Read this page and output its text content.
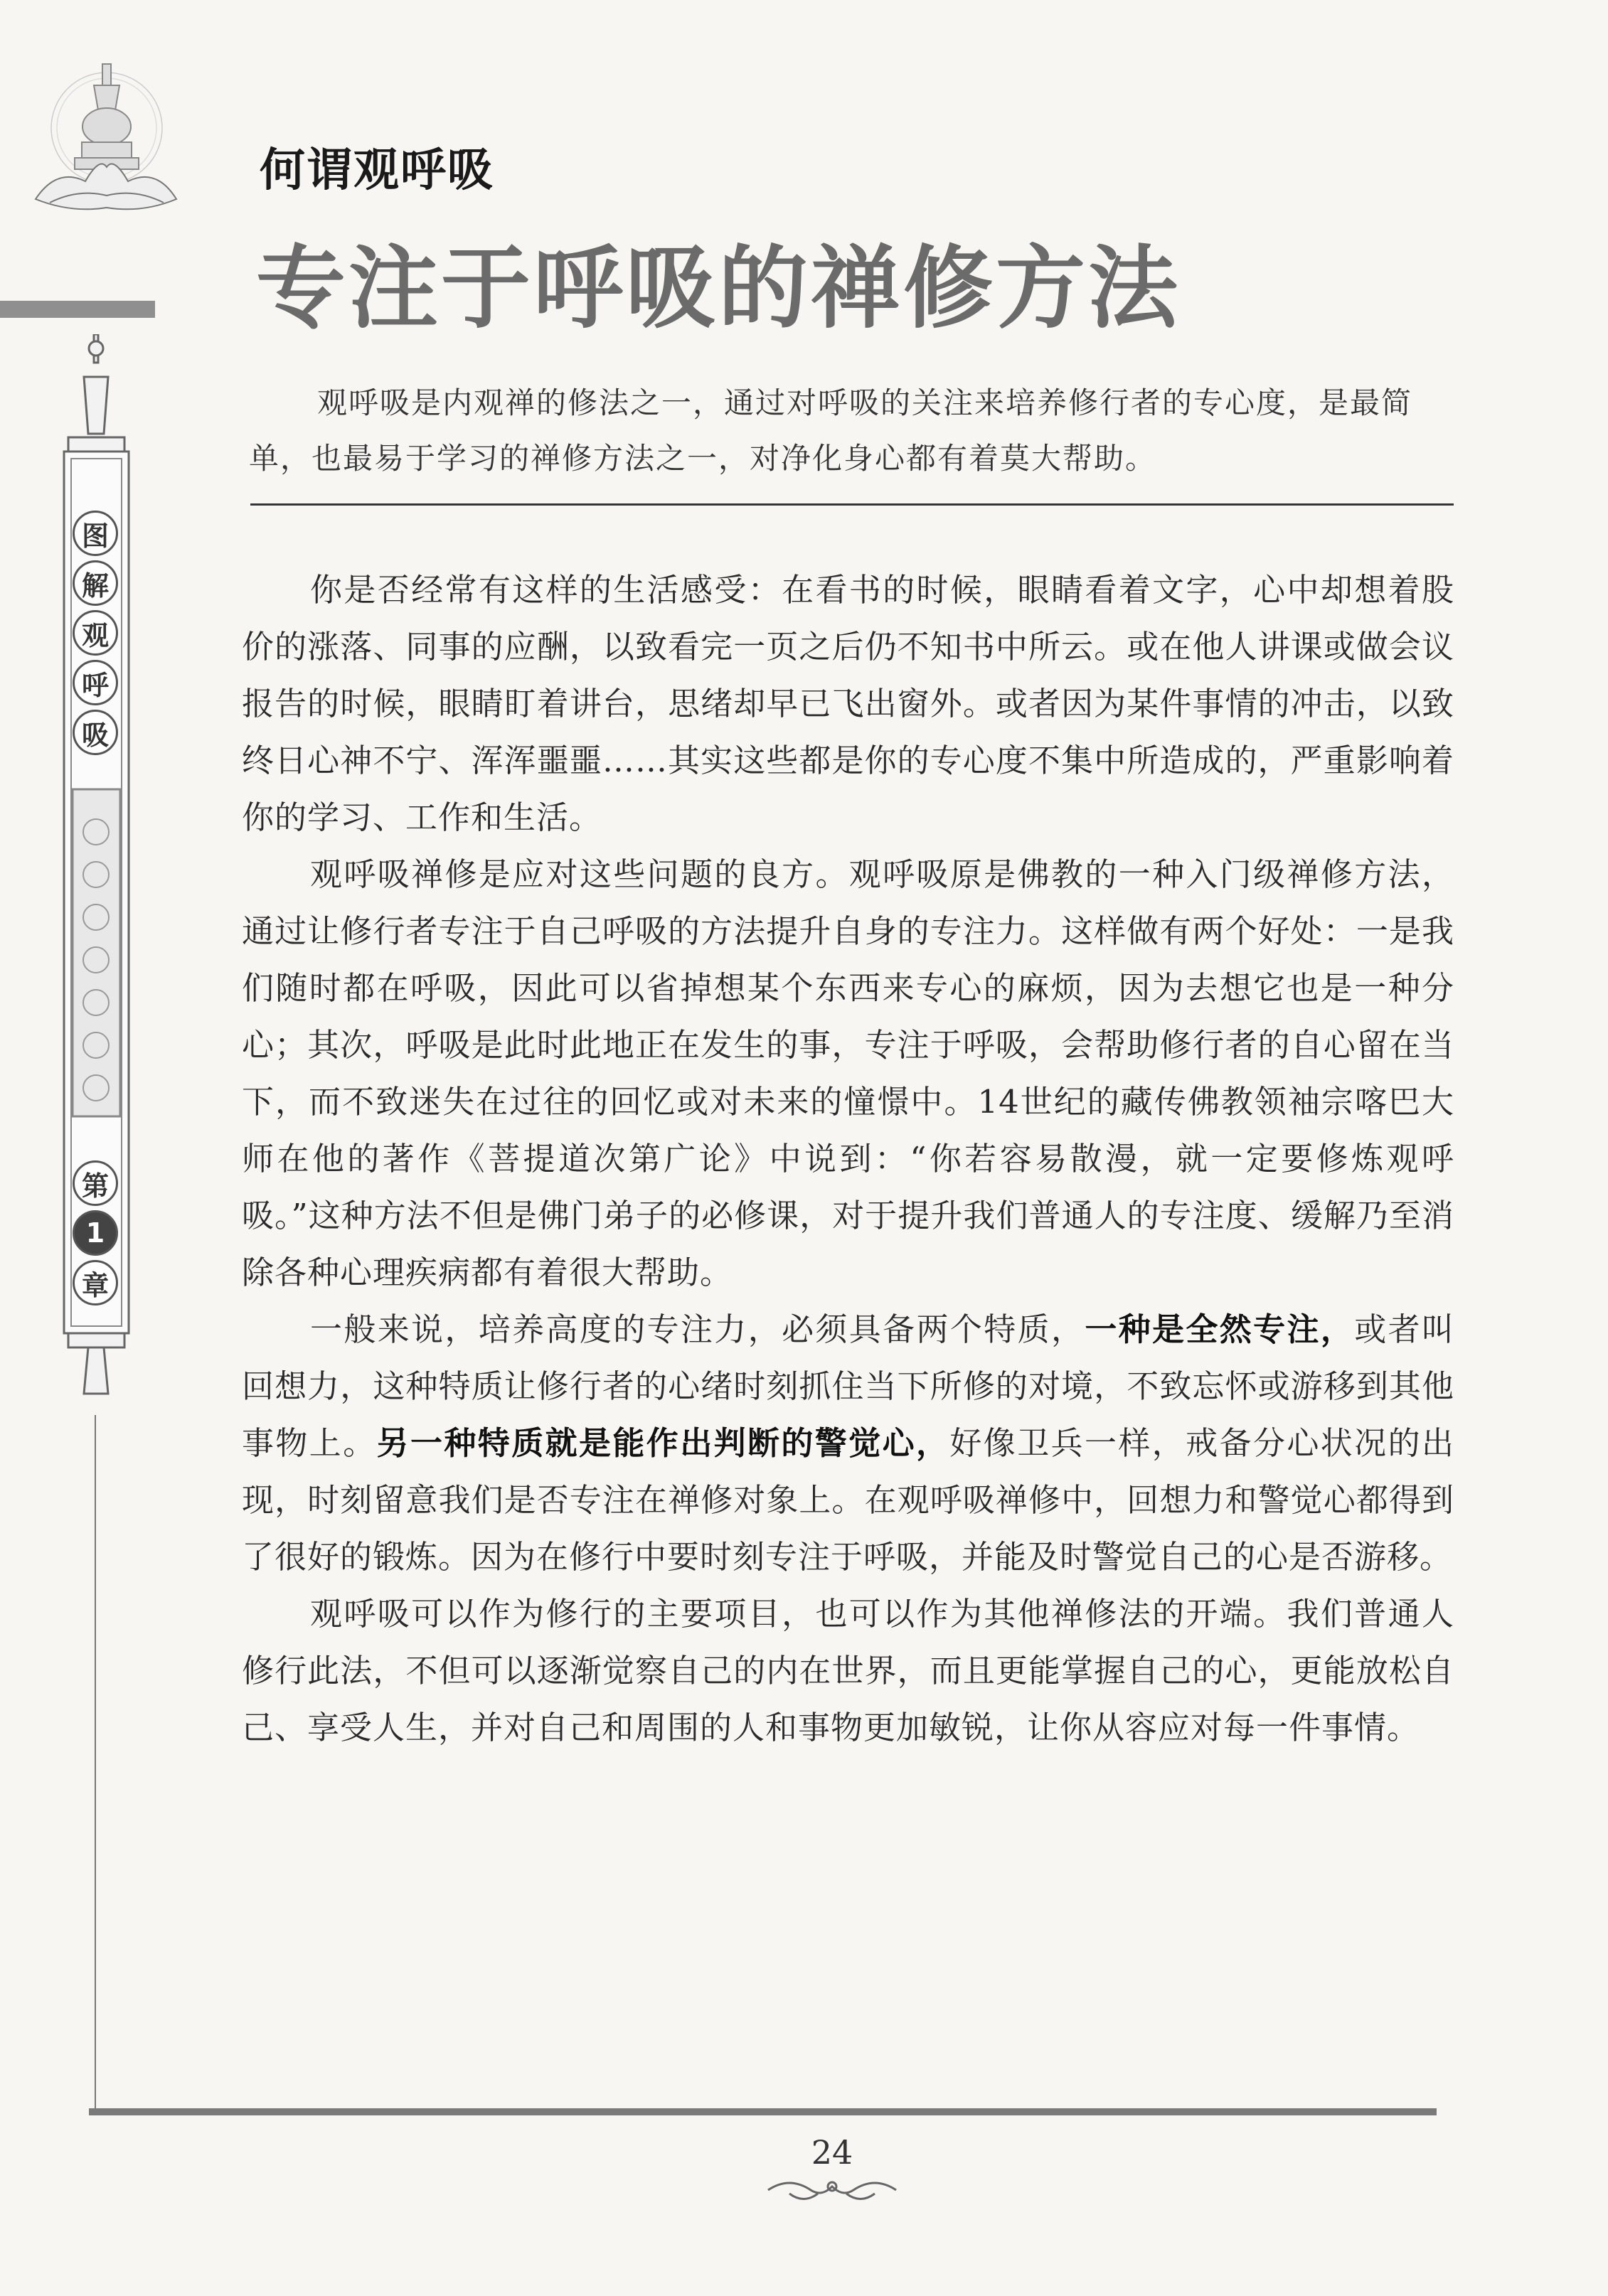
图
解
观
呼
吸
第
1
章
何谓观呼吸
专注于呼吸的禅修方法
观呼吸是内观禅的修法之一，通过对呼吸的关注来培养修行者的专心度，是最简单，也最易于学习的禅修方法之一，对净化身心都有着莫大帮助。

你是否经常有这样的生活感受：在看书的时候，眼睛看着文字，心中却想着股价的涨落、同事的应酬，以致看完一页之后仍不知书中所云。或在他人讲课或做会议报告的时候，眼睛盯着讲台，思绪却早已飞出窗外。或者因为某件事情的冲击，以致终日心神不宁、浑浑噩噩……其实这些都是你的专心度不集中所造成的，严重影响着你的学习、工作和生活。

观呼吸禅修是应对这些问题的良方。观呼吸原是佛教的一种入门级禅修方法，通过让修行者专注于自己呼吸的方法提升自身的专注力。这样做有两个好处：一是我们随时都在呼吸，因此可以省掉想某个东西来专心的麻烦，因为去想它也是一种分心；其次，呼吸是此时此地正在发生的事，专注于呼吸，会帮助修行者的自心留在当下，而不致迷失在过往的回忆或对未来的憧憬中。14世纪的藏传佛教领袖宗喀巴大师在他的著作《菩提道次第广论》中说到：“你若容易散漫，就一定要修炼观呼吸。”这种方法不但是佛门弟子的必修课，对于提升我们普通人的专注度、缓解乃至消除各种心理疾病都有着很大帮助。

一般来说，培养高度的专注力，必须具备两个特质，一种是全然专注，或者叫回想力，这种特质让修行者的心绪时刻抓住当下所修的对境，不致忘怀或游移到其他事物上。另一种特质就是能作出判断的警觉心，好像卫兵一样，戒备分心状况的出现，时刻留意我们是否专注在禅修对象上。在观呼吸禅修中，回想力和警觉心都得到了很好的锻炼。因为在修行中要时刻专注于呼吸，并能及时警觉自己的心是否游移。

观呼吸可以作为修行的主要项目，也可以作为其他禅修法的开端。我们普通人修行此法，不但可以逐渐觉察自己的内在世界，而且更能掌握自己的心，更能放松自己、享受人生，并对自己和周围的人和事物更加敏锐，让你从容应对每一件事情。

24
